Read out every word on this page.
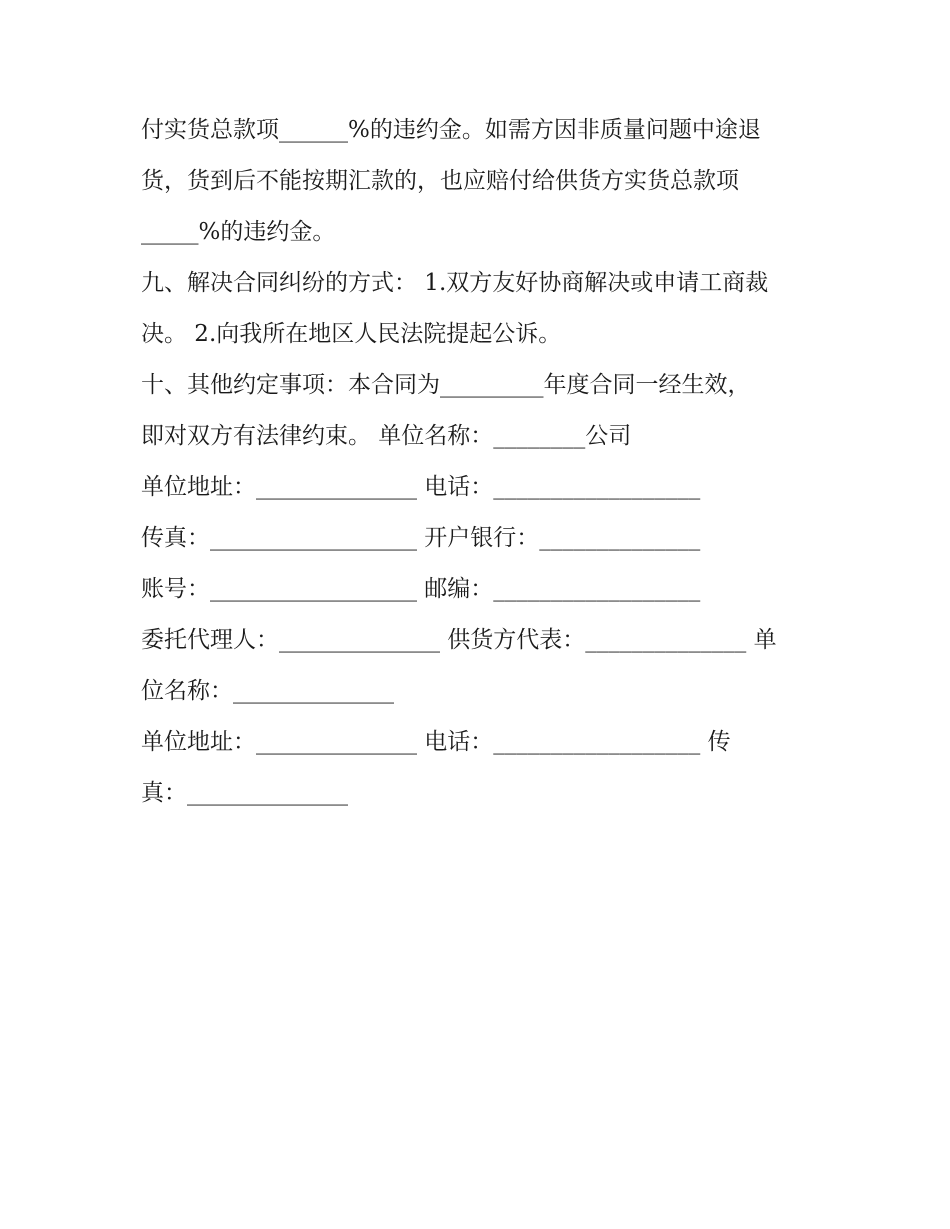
付实货总款项______%的违约金。如需方因非质量问题中途退
货，货到后不能按期汇款的，也应赔付给供货方实货总款项
_____%的违约金。
九、解决合同纠纷的方式： 1.双方友好协商解决或申请工商裁
决。 2.向我所在地区人民法院提起公诉。
十、其他约定事项：本合同为_________年度合同一经生效，
即对双方有法律约束。 单位名称：________公司
单位地址：______________ 电话：__________________
传真：__________________ 开户银行：______________
账号：__________________ 邮编：__________________
委托代理人：______________ 供货方代表：______________ 单
位名称：______________
单位地址：______________ 电话：__________________ 传
真：______________
